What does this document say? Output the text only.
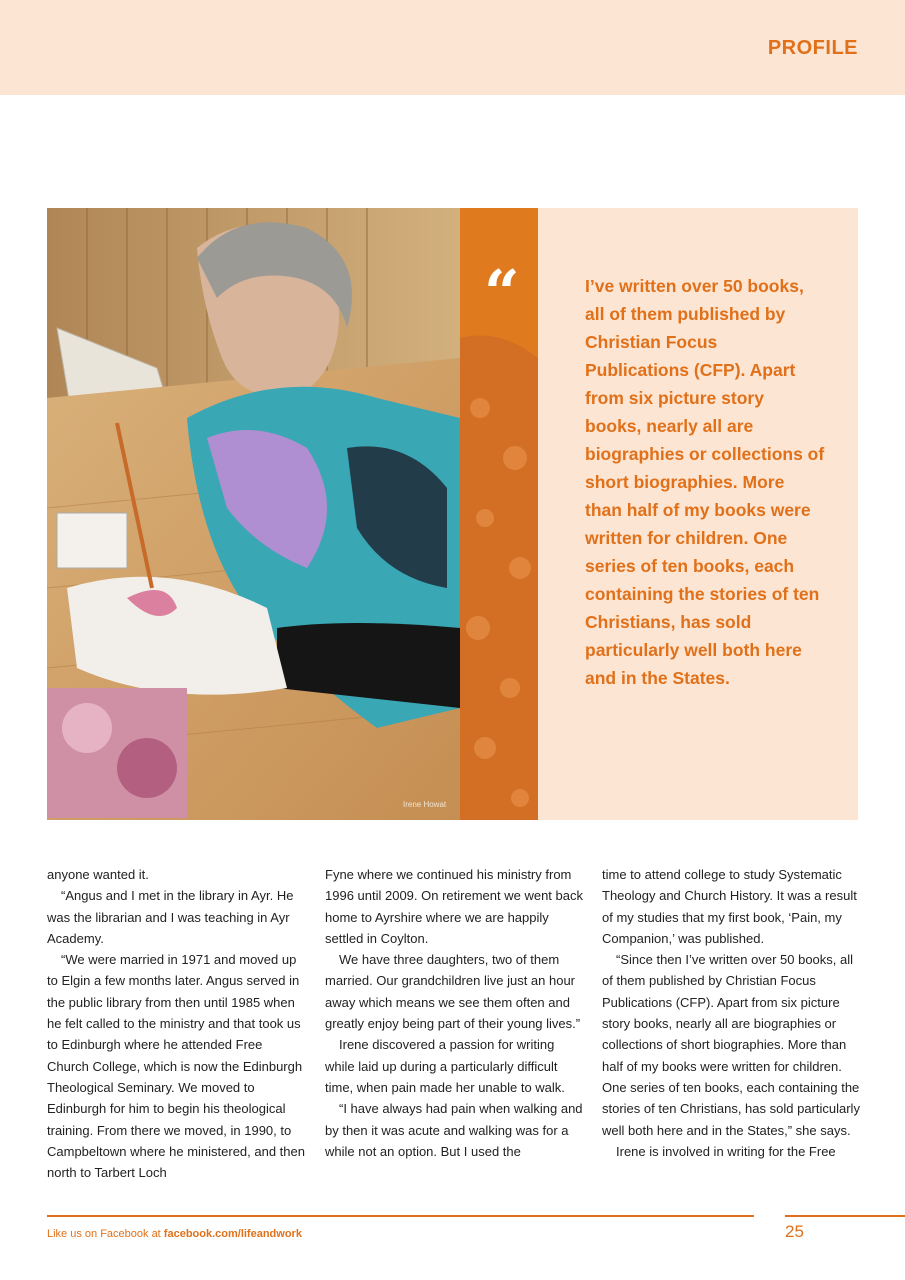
PROFILE
“	I’ve written over 50 books, all of them published by Christian Focus Publications (CFP). Apart from six picture story books, nearly all are biographies or collections of short biographies. More than half of my books were written for children. One series of ten books, each containing the stories of ten Christians, has sold particularly well both here and in the States.
Irene Howat

anyone wanted it.

“Angus and I met in the library in Ayr. He was the librarian and I was teaching in Ayr Academy.

“We were married in 1971 and moved up to Elgin a few months later. Angus served in the public library from then until 1985 when he felt called to the ministry and that took us to Edinburgh where he attended Free Church College, which is now the Edinburgh Theological Seminary. We moved to Edinburgh for him to begin his theological training. From there we moved, in 1990, to Campbeltown where he ministered, and then north to Tarbert Loch

Fyne where we continued his ministry from 1996 until 2009. On retirement we went back home to Ayrshire where we are happily settled in Coylton.

We have three daughters, two of them married. Our grandchildren live just an hour away which means we see them often and greatly enjoy being part of their young lives.”

Irene discovered a passion for writing while laid up during a particularly difficult time, when pain made her unable to walk.

“I have always had pain when walking and by then it was acute and walking was for a while not an option. But I used the

time to attend college to study Systematic Theology and Church History. It was a result of my studies that my first book, ‘Pain, my Companion,’ was published.

“Since then I’ve written over 50 books, all of them published by Christian Focus Publications (CFP). Apart from six picture story books, nearly all are biographies or collections of short biographies. More than half of my books were written for children. One series of ten books, each containing the stories of ten Christians, has sold particularly well both here and in the States,” she says.

Irene is involved in writing for the Free

Like us on Facebook at facebook.com/lifeandwork	25
